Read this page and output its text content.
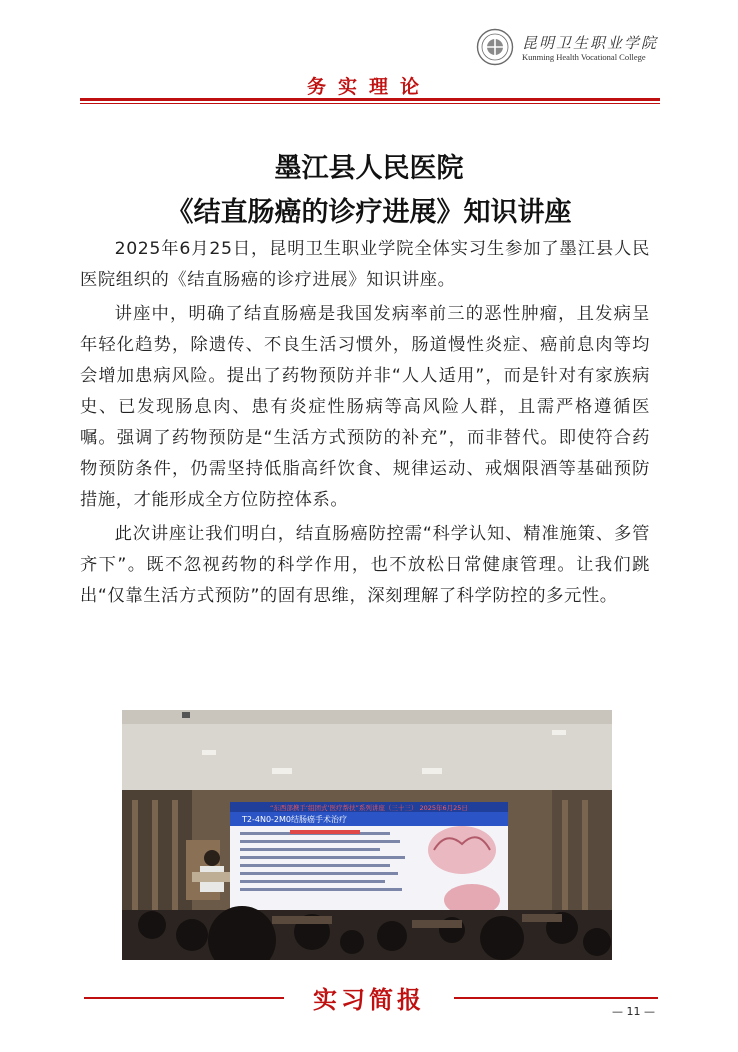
昆明卫生职业学院
Kunming Health Vocational College
务实理论
墨江县人民医院
《结直肠癌的诊疗进展》知识讲座

2025年6月25日，昆明卫生职业学院全体实习生参加了墨江县人民医院组织的《结直肠癌的诊疗进展》知识讲座。

讲座中，明确了结直肠癌是我国发病率前三的恶性肿瘤，且发病呈年轻化趋势，除遗传、不良生活习惯外，肠道慢性炎症、癌前息肉等均会增加患病风险。提出了药物预防并非“人人适用”，而是针对有家族病史、已发现肠息肉、患有炎症性肠病等高风险人群，且需严格遵循医嘱。强调了药物预防是“生活方式预防的补充”，而非替代。即使符合药物预防条件，仍需坚持低脂高纤饮食、规律运动、戒烟限酒等基础预防措施，才能形成全方位防控体系。

此次讲座让我们明白，结直肠癌防控需“科学认知、精准施策、多管齐下”。既不忽视药物的科学作用，也不放松日常健康管理。让我们跳出“仅靠生活方式预防”的固有思维，深刻理解了科学防控的多元性。

“东西部携手‘组团式’医疗帮扶”系列讲座（三十三） 2025年6月25日
T2-4N0-2M0结肠癌手术治疗
实习简报	— 11 —
